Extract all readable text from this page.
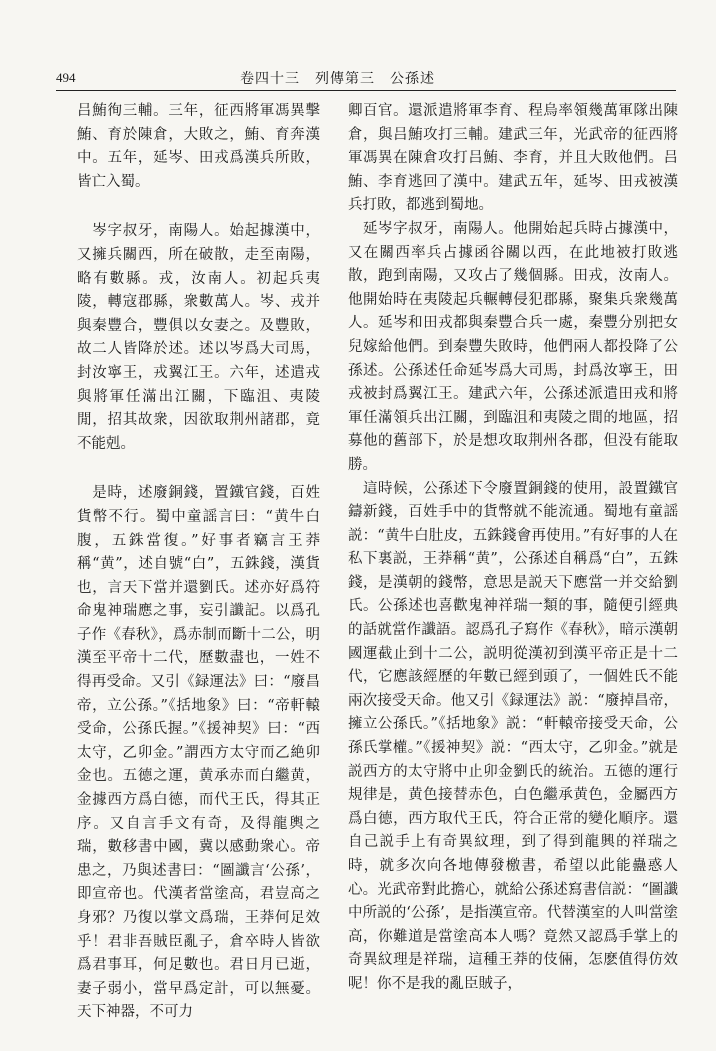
494	卷四十三　列傳第三　公孫述

吕鮪徇三輔。三年，征西將軍馮異擊鮪、育於陳倉，大敗之，鮪、育奔漢中。五年，延岑、田戎爲漢兵所敗，皆亡入蜀。

　岑字叔牙，南陽人。始起據漢中，又擁兵關西，所在破散，走至南陽，略有數縣。戎，汝南人。初起兵夷陵，轉寇郡縣，衆數萬人。岑、戎并與秦豐合，豐俱以女妻之。及豐敗，故二人皆降於述。述以岑爲大司馬，封汝寧王，戎翼江王。六年，述遣戎與將軍任滿出江關，下臨沮、夷陵閒，招其故衆，因欲取荆州諸郡，竟不能剋。

　是時，述廢銅錢，置鐵官錢，百姓貨幣不行。蜀中童謡言曰：“黄牛白腹，五銖當復。”好事者竊言王莽稱“黄”，述自號“白”，五銖錢，漢貨也，言天下當并還劉氏。述亦好爲符命鬼神瑞應之事，妄引讖記。以爲孔子作《春秋》，爲赤制而斷十二公，明漢至平帝十二代，歷數盡也，一姓不得再受命。又引《録運法》曰：“廢昌帝，立公孫。”《括地象》曰：“帝軒轅受命，公孫氏握。”《援神契》曰：“西太守，乙卯金。”謂西方太守而乙絶卯金也。五德之運，黄承赤而白繼黄，金據西方爲白德，而代王氏，得其正序。又自言手文有奇，及得龍輿之瑞，數移書中國，冀以感動衆心。帝患之，乃與述書曰：“圖讖言‘公孫’，即宣帝也。代漢者當塗高，君豈高之身邪？乃復以掌文爲瑞，王莽何足效乎！君非吾賊臣亂子，倉卒時人皆欲爲君事耳，何足數也。君日月已逝，妻子弱小，當早爲定計，可以無憂。天下神器，不可力

卿百官。還派遣將軍李育、程烏率領幾萬軍隊出陳倉，與吕鮪攻打三輔。建武三年，光武帝的征西將軍馮異在陳倉攻打吕鮪、李育，并且大敗他們。吕鮪、李育逃回了漢中。建武五年，延岑、田戎被漢兵打敗，都逃到蜀地。

　延岑字叔牙，南陽人。他開始起兵時占據漢中，又在關西率兵占據函谷關以西，在此地被打敗逃散，跑到南陽，又攻占了幾個縣。田戎，汝南人。他開始時在夷陵起兵輾轉侵犯郡縣，聚集兵衆幾萬人。延岑和田戎都與秦豐合兵一處，秦豐分别把女兒嫁給他們。到秦豐失敗時，他們兩人都投降了公孫述。公孫述任命延岑爲大司馬，封爲汝寧王，田戎被封爲翼江王。建武六年，公孫述派遣田戎和將軍任滿領兵出江關，到臨沮和夷陵之間的地區，招募他的舊部下，於是想攻取荆州各郡，但没有能取勝。

　這時候，公孫述下令廢置銅錢的使用，設置鐵官鑄新錢，百姓手中的貨幣就不能流通。蜀地有童謡説：“黄牛白肚皮，五銖錢會再使用。”有好事的人在私下裏説，王莽稱“黄”，公孫述自稱爲“白”，五銖錢，是漢朝的錢幣，意思是説天下應當一并交給劉氏。公孫述也喜歡鬼神祥瑞一類的事，隨便引經典的話就當作讖語。認爲孔子寫作《春秋》，暗示漢朝國運截止到十二公，説明從漢初到漢平帝正是十二代，它應該經歷的年數已經到頭了，一個姓氏不能兩次接受天命。他又引《録運法》説：“廢掉昌帝，擁立公孫氏。”《括地象》説：“軒轅帝接受天命，公孫氏掌權。”《援神契》説：“西太守，乙卯金。”就是説西方的太守將中止卯金劉氏的統治。五德的運行規律是，黄色接替赤色，白色繼承黄色，金屬西方爲白德，西方取代王氏，符合正常的變化順序。還自己説手上有奇異紋理，到了得到龍興的祥瑞之時，就多次向各地傳發檄書，希望以此能蠱惑人心。光武帝對此擔心，就給公孫述寫書信説：“圖讖中所説的‘公孫’，是指漢宣帝。代替漢室的人叫當塗高，你難道是當塗高本人嗎？竟然又認爲手掌上的奇異紋理是祥瑞，這種王莽的伎倆，怎麽值得仿效呢！你不是我的亂臣賊子，
